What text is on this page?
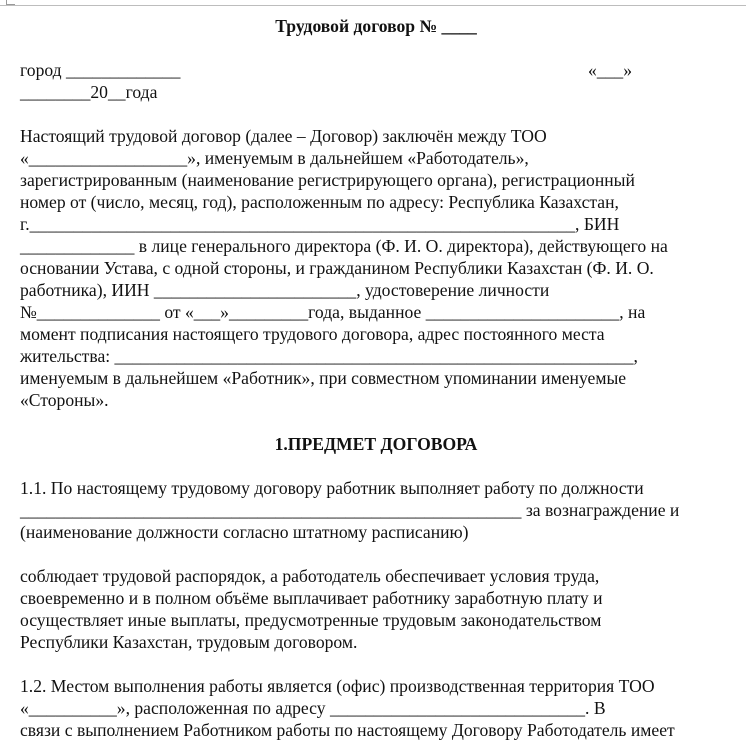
Трудовой договор № ____
город _____________	«___»
________20__года
Настоящий трудовой договор (далее – Договор) заключён между ТОО
«__________________», именуемым в дальнейшем «Работодатель»,
зарегистрированным (наименование регистрирующего органа), регистрационный
номер от (число, месяц, год), расположенным по адресу: Республика Казахстан,
г.______________________________________________________________, БИН
_____________ в лице генерального директора (Ф. И. О. директора), действующего на
основании Устава, с одной стороны, и гражданином Республики Казахстан (Ф. И. О.
работника), ИИН _______________________, удостоверение личности
№______________ от «___»_________года, выданное ______________________, на
момент подписания настоящего трудового договора, адрес постоянного места
жительства: ___________________________________________________________,
именуемым в дальнейшем «Работник», при совместном упоминании именуемые
«Стороны».
1.ПРЕДМЕТ ДОГОВОРА
1.1. По настоящему трудовому договору работник выполняет работу по должности
_________________________________________________________ за вознаграждение и
(наименование должности согласно штатному расписанию)
соблюдает трудовой распорядок, а работодатель обеспечивает условия труда,
своевременно и в полном объёме выплачивает работнику заработную плату и
осуществляет иные выплаты, предусмотренные трудовым законодательством
Республики Казахстан, трудовым договором.
1.2. Местом выполнения работы является (офис) производственная территория ТОО
«__________», расположенная по адресу _____________________________. В
связи с выполнением Работником работы по настоящему Договору Работодатель имеет
